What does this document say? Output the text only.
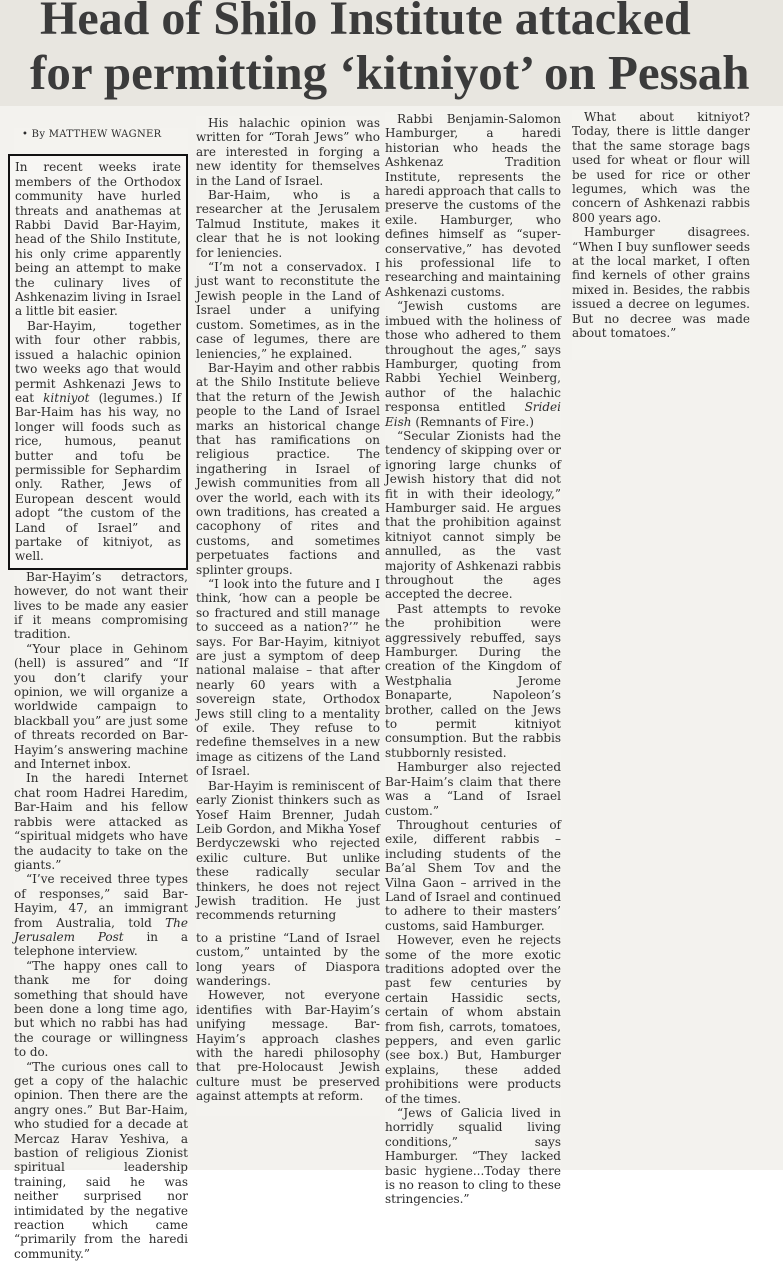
Head of Shilo Institute attacked
for permitting ‘kitniyot’ on Pessah
• By MATTHEW WAGNER

In recent weeks irate members of the Orthodox community have hurled threats and anathemas at Rabbi David Bar-Hayim, head of the Shilo Institute, his only crime apparently being an attempt to make the culinary lives of Ashkenazim living in Israel a little bit easier.

Bar-Hayim, together with four other rabbis, issued a halachic opinion two weeks ago that would permit Ashkenazi Jews to eat kitniyot (legumes.) If Bar-Haim has his way, no longer will foods such as rice, humous, peanut butter and tofu be permissible for Sephardim only. Rather, Jews of European descent would adopt “the custom of the Land of Israel” and partake of kitniyot, as well.

Bar-Hayim’s detractors, however, do not want their lives to be made any easier if it means compromising tradition.

“Your place in Gehinom (hell) is assured” and “If you don’t clarify your opinion, we will organize a worldwide campaign to blackball you” are just some of threats recorded on Bar-Hayim’s answering machine and Internet inbox.

In the haredi Internet chat room Hadrei Haredim, Bar-Haim and his fellow rabbis were attacked as “spiritual midgets who have the audacity to take on the giants.”

“I’ve received three types of responses,” said Bar-Hayim, 47, an immigrant from Australia, told The Jerusalem Post in a telephone interview.

“The happy ones call to thank me for doing something that should have been done a long time ago, but which no rabbi has had the courage or willingness to do.

“The curious ones call to get a copy of the halachic opinion. Then there are the angry ones.” But Bar-Haim, who studied for a decade at Mercaz Harav Yeshiva, a bastion of religious Zionist spiritual leadership training, said he was neither surprised nor intimidated by the negative reaction which came “primarily from the haredi community.”

His halachic opinion was written for “Torah Jews” who are interested in forging a new identity for themselves in the Land of Israel.

Bar-Haim, who is a researcher at the Jerusalem Talmud Institute, makes it clear that he is not looking for leniencies.

“I’m not a conservadox. I just want to reconstitute the Jewish people in the Land of Israel under a unifying custom. Sometimes, as in the case of legumes, there are leniencies,” he explained.

Bar-Hayim and other rabbis at the Shilo Institute believe that the return of the Jewish people to the Land of Israel marks an historical change that has ramifications on religious practice. The ingathering in Israel of Jewish communities from all over the world, each with its own traditions, has created a cacophony of rites and customs, and sometimes perpetuates factions and splinter groups.

“I look into the future and I think, ‘how can a people be so fractured and still manage to succeed as a nation?’” he says. For Bar-Hayim, kitniyot are just a symptom of deep national malaise – that after nearly 60 years with a sovereign state, Orthodox Jews still cling to a mentality of exile. They refuse to redefine themselves in a new image as citizens of the Land of Israel.

Bar-Hayim is reminiscent of early Zionist thinkers such as Yosef Haim Brenner, Judah Leib Gordon, and Mikha Yosef Berdyczewski who rejected exilic culture. But unlike these radically secular thinkers, he does not reject Jewish tradition. He just recommends returning

to a pristine “Land of Israel custom,” untainted by the long years of Diaspora wanderings.

However, not everyone identifies with Bar-Hayim’s unifying message. Bar-Hayim’s approach clashes with the haredi philosophy that pre-Holocaust Jewish culture must be preserved against attempts at reform.

Rabbi Benjamin-Salomon Hamburger, a haredi historian who heads the Ashkenaz Tradition Institute, represents the haredi approach that calls to preserve the customs of the exile. Hamburger, who defines himself as “super-conservative,” has devoted his professional life to researching and maintaining Ashkenazi customs.

“Jewish customs are imbued with the holiness of those who adhered to them throughout the ages,” says Hamburger, quoting from Rabbi Yechiel Weinberg, author of the halachic responsa entitled Sridei Eish (Remnants of Fire.)

“Secular Zionists had the tendency of skipping over or ignoring large chunks of Jewish history that did not fit in with their ideology,” Hamburger said. He argues that the prohibition against kitniyot cannot simply be annulled, as the vast majority of Ashkenazi rabbis throughout the ages accepted the decree.

Past attempts to revoke the prohibition were aggressively rebuffed, says Hamburger. During the creation of the Kingdom of Westphalia Jerome Bonaparte, Napoleon’s brother, called on the Jews to permit kitniyot consumption. But the rabbis stubbornly resisted.

Hamburger also rejected Bar-Haim’s claim that there was a “Land of Israel custom.”

Throughout centuries of exile, different rabbis – including students of the Ba’al Shem Tov and the Vilna Gaon – arrived in the Land of Israel and continued to adhere to their masters’ customs, said Hamburger.

However, even he rejects some of the more exotic traditions adopted over the past few centuries by certain Hassidic sects, certain of whom abstain from fish, carrots, tomatoes, peppers, and even garlic (see box.) But, Hamburger explains, these added prohibitions were products of the times.

“Jews of Galicia lived in horridly squalid living conditions,” says Hamburger. “They lacked basic hygiene...Today there is no reason to cling to these stringencies.”

What about kitniyot? Today, there is little danger that the same storage bags used for wheat or flour will be used for rice or other legumes, which was the concern of Ashkenazi rabbis 800 years ago.

Hamburger disagrees. “When I buy sunflower seeds at the local market, I often find kernels of other grains mixed in. Besides, the rabbis issued a decree on legumes. But no decree was made about tomatoes.”
